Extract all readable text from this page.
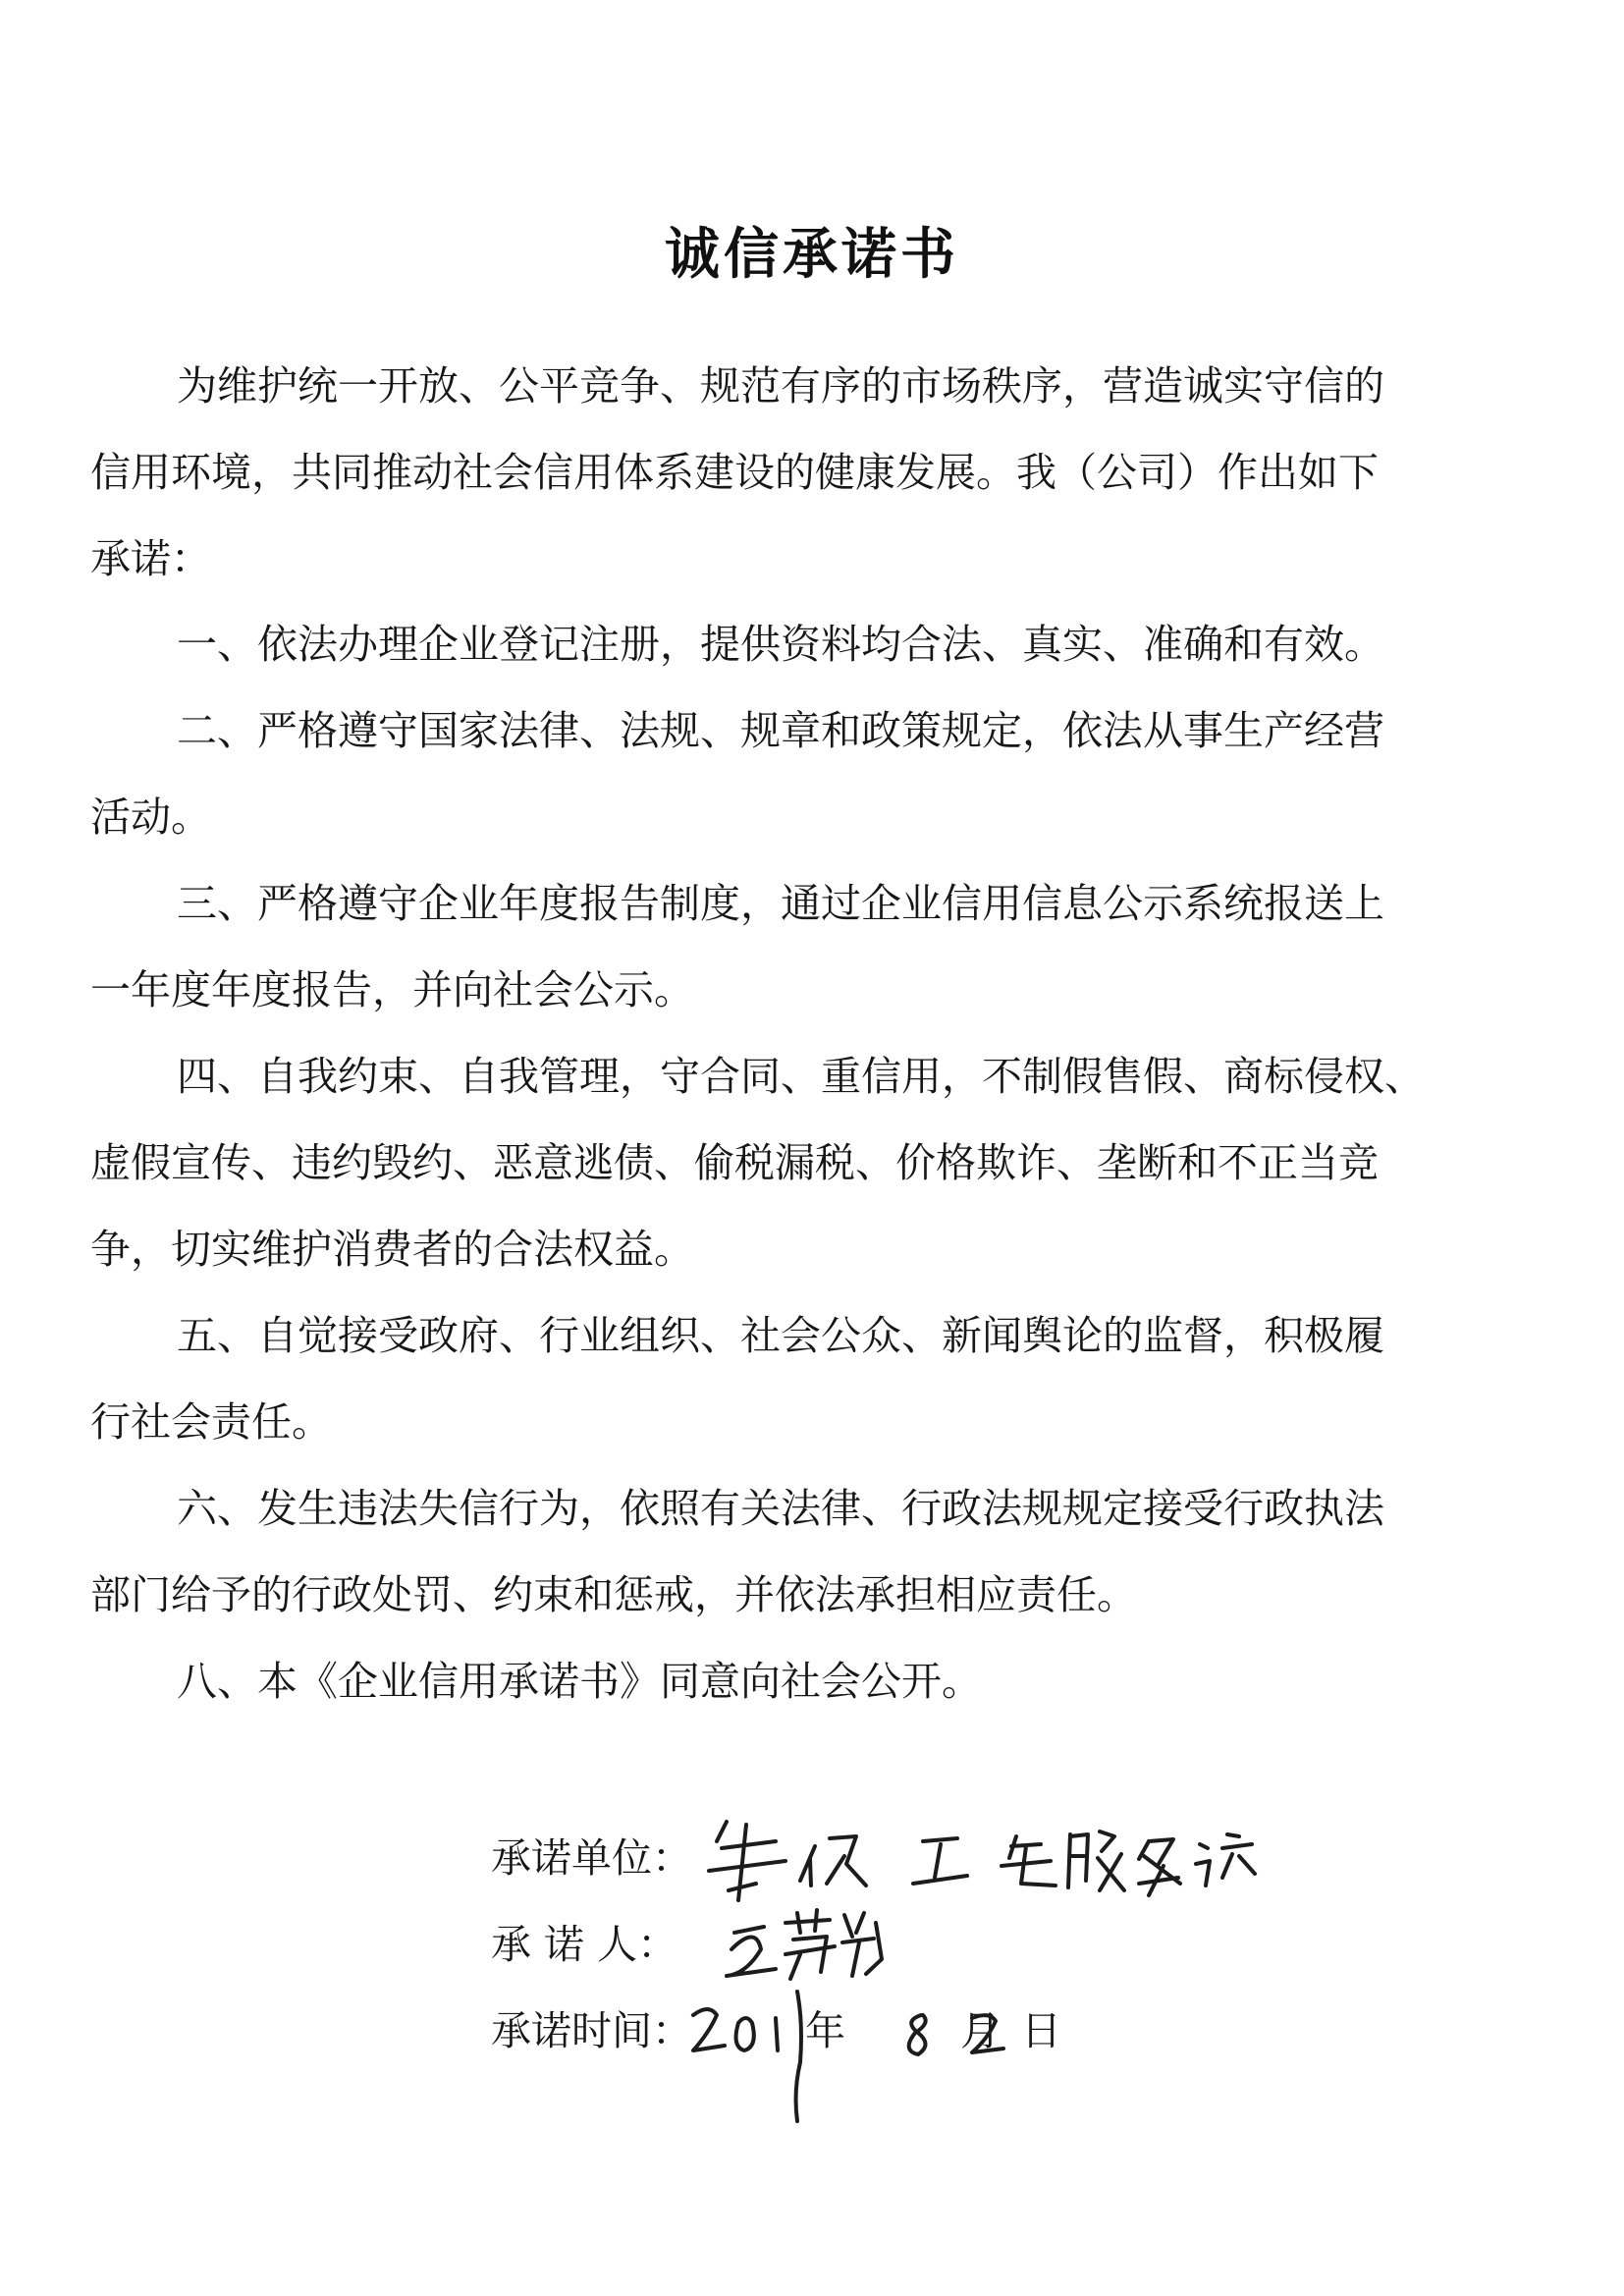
诚信承诺书

为维护统一开放、公平竞争、规范有序的市场秩序，营造诚实守信的

信用环境，共同推动社会信用体系建设的健康发展。我（公司）作出如下

承诺：

一、依法办理企业登记注册，提供资料均合法、真实、准确和有效。

二、严格遵守国家法律、法规、规章和政策规定，依法从事生产经营

活动。

三、严格遵守企业年度报告制度，通过企业信用信息公示系统报送上

一年度年度报告，并向社会公示。

四、自我约束、自我管理，守合同、重信用，不制假售假、商标侵权、

虚假宣传、违约毁约、恶意逃债、偷税漏税、价格欺诈、垄断和不正当竞

争，切实维护消费者的合法权益。

五、自觉接受政府、行业组织、社会公众、新闻舆论的监督，积极履

行社会责任。

六、发生违法失信行为，依照有关法律、行政法规规定接受行政执法

部门给予的行政处罚、约束和惩戒，并依法承担相应责任。

八、本《企业信用承诺书》同意向社会公开。

承诺单位：
承 诺 人：
承诺时间：	年	月 日
